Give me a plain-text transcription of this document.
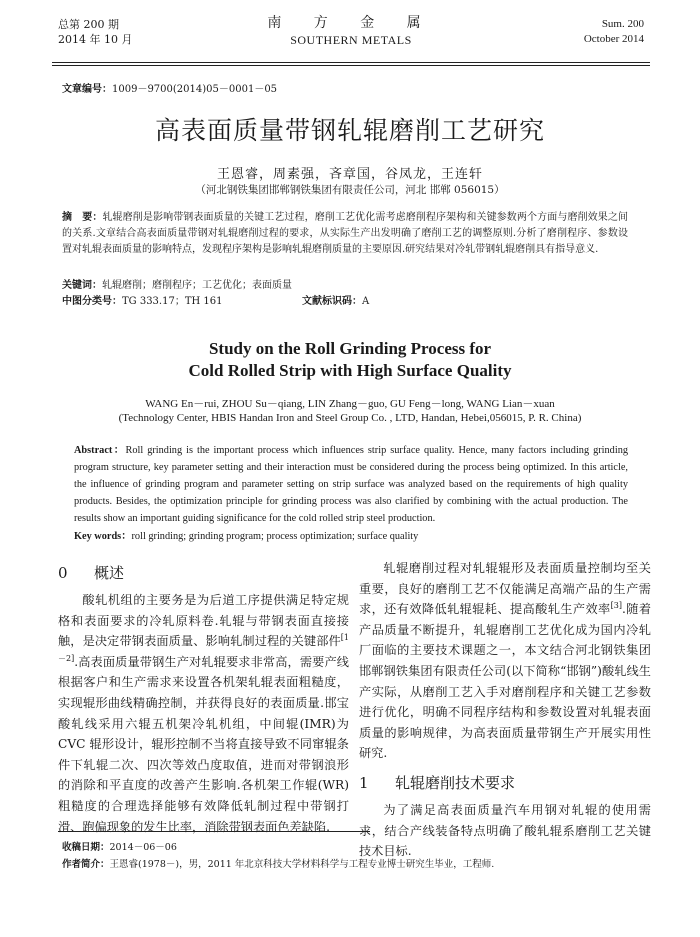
总第 200 期
2014 年 10 月
南 方 金 属
SOUTHERN METALS
Sum. 200
October 2014
文章编号：1009－9700(2014)05－0001－05
高表面质量带钢轧辊磨削工艺研究
王恩睿，周素强，吝章国，谷凤龙，王连轩
（河北钢铁集团邯郸钢铁集团有限责任公司，河北 邯郸 056015）
摘　要：轧辊磨削是影响带钢表面质量的关键工艺过程，磨削工艺优化需考虑磨削程序架构和关键参数两个方面与磨削效果之间的关系.文章结合高表面质量带钢对轧辊磨削过程的要求，从实际生产出发明确了磨削工艺的调整原则.分析了磨削程序、参数设置对轧辊表面质量的影响特点，发现程序架构是影响轧辊磨削质量的主要原因.研究结果对冷轧带钢轧辊磨削具有指导意义.
关键词：轧辊磨削；磨削程序；工艺优化；表面质量
中图分类号：TG 333.17；TH 161	文献标识码：A
Study on the Roll Grinding Process for
Cold Rolled Strip with High Surface Quality
WANG En－rui, ZHOU Su－qiang, LIN Zhang－guo, GU Feng－long, WANG Lian－xuan
(Technology Center, HBIS Handan Iron and Steel Group Co. , LTD, Handan, Hebei,056015, P. R. China)
Abstract：Roll grinding is the important process which influences strip surface quality. Hence, many factors including grinding program structure, key parameter setting and their interaction must be considered during the process being optimized. In this article, the influence of grinding program and parameter setting on strip surface was analyzed based on the requirements of high quality products. Besides, the optimization principle for grinding process was also clarified by combining with the actual production. The results show an important guiding significance for the cold rolled strip steel production.
Key words：roll grinding; grinding program; process optimization; surface quality
0 概述

酸轧机组的主要务是为后道工序提供满足特定规格和表面要求的冷轧原料卷.轧辊与带钢表面直接接触，是决定带钢表面质量、影响轧制过程的关键部件[1－2].高表面质量带钢生产对轧辊要求非常高，需要产线根据客户和生产需求来设置各机架轧辊表面粗糙度，实现辊形曲线精确控制，并获得良好的表面质量.邯宝酸轧线采用六辊五机架冷轧机组，中间辊(IMR)为 CVC 辊形设计，辊形控制不当将直接导致不同窜辊条件下轧辊二次、四次等效凸度取值，进而对带钢浪形的消除和平直度的改善产生影响.各机架工作辊(WR)粗糙度的合理选择能够有效降低轧制过程中带钢打滑、跑偏现象的发生比率，消除带钢表面色差缺陷.

轧辊磨削过程对轧辊辊形及表面质量控制均至关重要，良好的磨削工艺不仅能满足高端产品的生产需求，还有效降低轧辊辊耗、提高酸轧生产效率[3].随着产品质量不断提升，轧辊磨削工艺优化成为国内冷轧厂面临的主要技术课题之一，本文结合河北钢铁集团邯郸钢铁集团有限责任公司(以下简称“邯钢”)酸轧线生产实际，从磨削工艺入手对磨削程序和关键工艺参数进行优化，明确不同程序结构和参数设置对轧辊表面质量的影响规律，为高表面质量带钢生产开展实用性研究.

1 轧辊磨削技术要求

为了满足高表面质量汽车用钢对轧辊的使用需求，结合产线装备特点明确了酸轧辊系磨削工艺关键技术目标.

收稿日期：2014－06－06
作者简介：王恩睿(1978－)，男，2011 年北京科技大学材料科学与工程专业博士研究生毕业，工程师.
